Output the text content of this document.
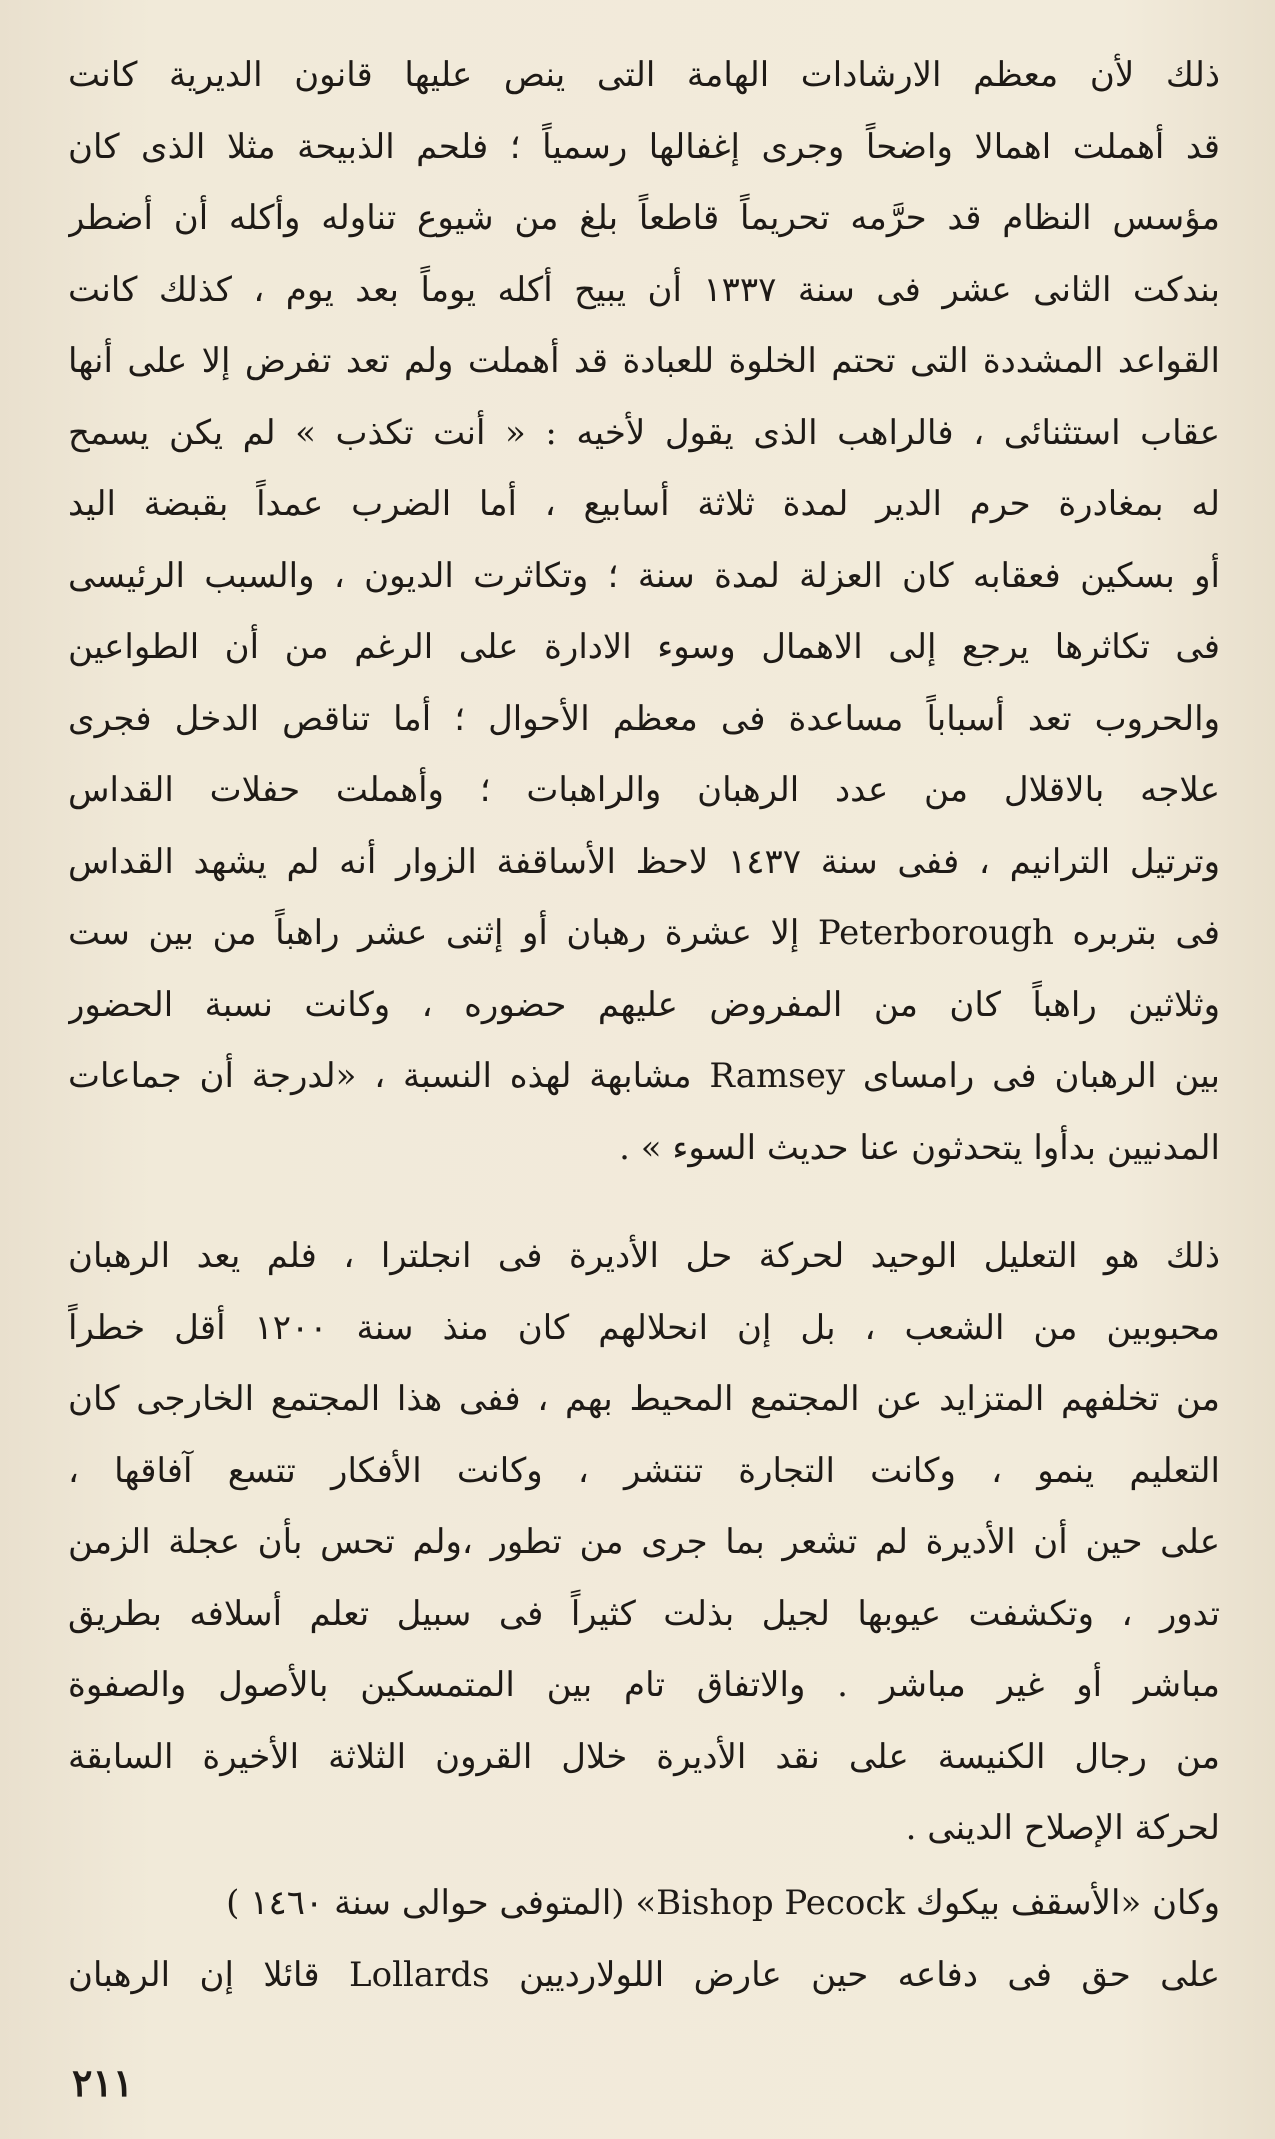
ذلك لأن معظم الارشادات الهامة التى ينص عليها قانون الديرية كانت
قد أهملت اهمالا واضحاً وجرى إغفالها رسمياً ؛ فلحم الذبيحة مثلا الذى كان
مؤسس النظام قد حرَّمه تحريماً قاطعاً بلغ من شيوع تناوله وأكله أن أضطر
بندكت الثانى عشر فى سنة ١٣٣٧ أن يبيح أكله يوماً بعد يوم ، كذلك كانت
القواعد المشددة التى تحتم الخلوة للعبادة قد أهملت ولم تعد تفرض إلا على أنها
عقاب استثنائى ، فالراهب الذى يقول لأخيه : « أنت تكذب » لم يكن يسمح
له بمغادرة حرم الدير لمدة ثلاثة أسابيع ، أما الضرب عمداً بقبضة اليد
أو بسكين فعقابه كان العزلة لمدة سنة ؛ وتكاثرت الديون ، والسبب الرئيسى
فى تكاثرها يرجع إلى الاهمال وسوء الادارة على الرغم من أن الطواعين
والحروب تعد أسباباً مساعدة فى معظم الأحوال ؛ أما تناقص الدخل فجرى
علاجه بالاقلال من عدد الرهبان والراهبات ؛ وأهملت حفلات القداس
وترتيل الترانيم ، ففى سنة ١٤٣٧ لاحظ الأساقفة الزوار أنه لم يشهد القداس
فى بتربره Peterborough إلا عشرة رهبان أو إثنى عشر راهباً من بين ست
وثلاثين راهباً كان من المفروض عليهم حضوره ، وكانت نسبة الحضور
بين الرهبان فى رامساى Ramsey مشابهة لهذه النسبة ، «لدرجة أن جماعات
المدنيين بدأوا يتحدثون عنا حديث السوء » .
ذلك هو التعليل الوحيد لحركة حل الأديرة فى انجلترا ، فلم يعد الرهبان
محبوبين من الشعب ، بل إن انحلالهم كان منذ سنة ١٢٠٠ أقل خطراً
من تخلفهم المتزايد عن المجتمع المحيط بهم ، ففى هذا المجتمع الخارجى كان
التعليم ينمو ، وكانت التجارة تنتشر ، وكانت الأفكار تتسع آفاقها ،
على حين أن الأديرة لم تشعر بما جرى من تطور ،ولم تحس بأن عجلة الزمن
تدور ، وتكشفت عيوبها لجيل بذلت كثيراً فى سبيل تعلم أسلافه بطريق
مباشر أو غير مباشر . والاتفاق تام بين المتمسكين بالأصول والصفوة
من رجال الكنيسة على نقد الأديرة خلال القرون الثلاثة الأخيرة السابقة
لحركة الإصلاح الدينى .
وكان «الأسقف بيكوك Bishop Pecock» (المتوفى حوالى سنة ١٤٦٠ )
على حق فى دفاعه حين عارض اللولارديين Lollards قائلا إن الرهبان
٢١١
